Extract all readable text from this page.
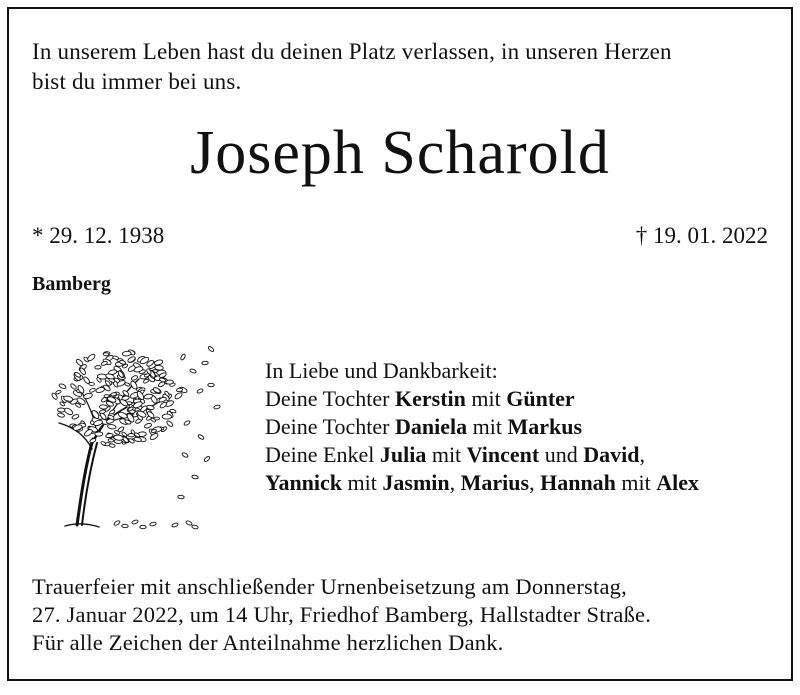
In unserem Leben hast du deinen Platz verlassen, in unseren Herzen
bist du immer bei uns.
Joseph Scharold
* 29. 12. 1938	† 19. 01. 2022
Bamberg
In Liebe und Dankbarkeit:
Deine Tochter Kerstin mit Günter
Deine Tochter Daniela mit Markus
Deine Enkel Julia mit Vincent und David,
Yannick mit Jasmin, Marius, Hannah mit Alex
Trauerfeier mit anschließender Urnenbeisetzung am Donnerstag,
27. Januar 2022, um 14 Uhr, Friedhof Bamberg, Hallstadter Straße.
Für alle Zeichen der Anteilnahme herzlichen Dank.
